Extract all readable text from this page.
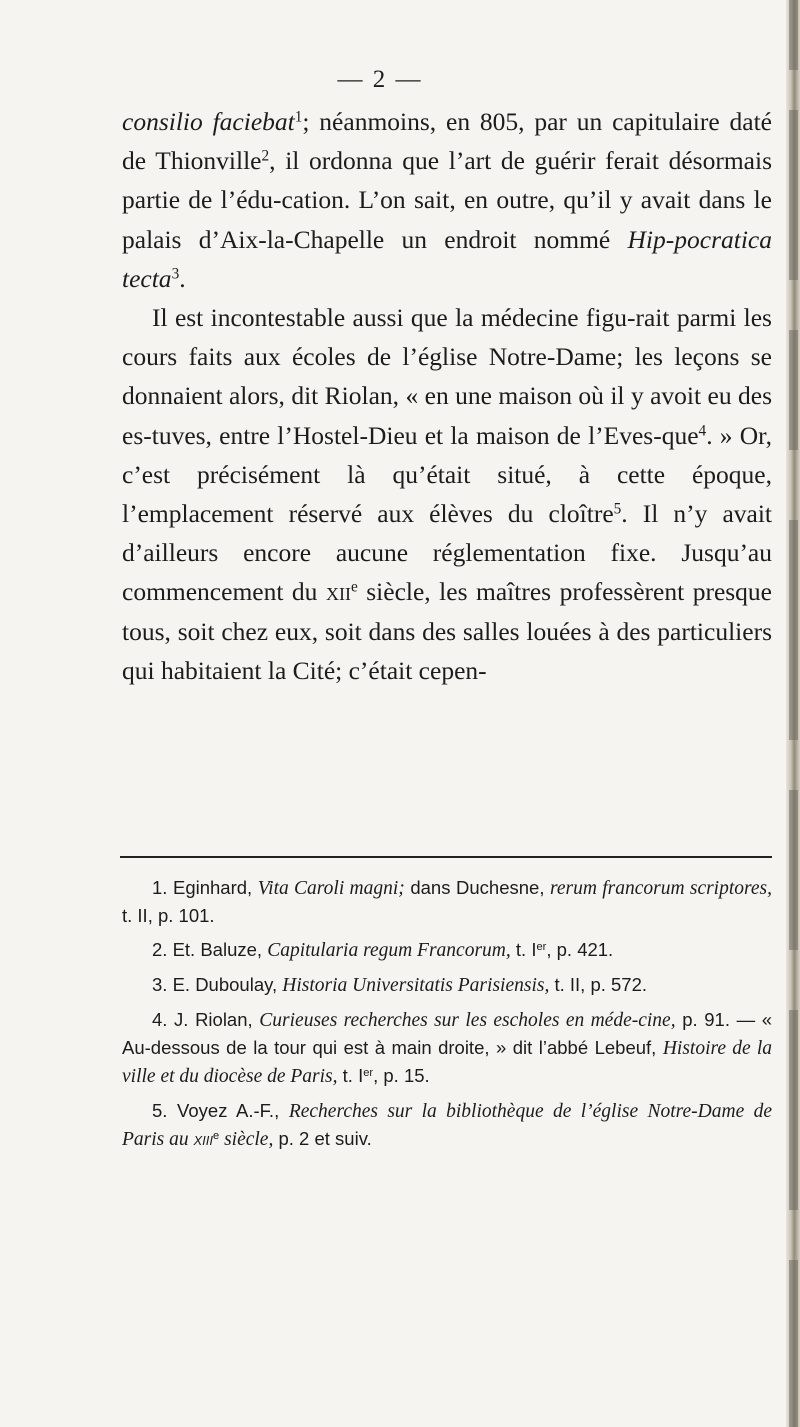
— 2 —

consilio faciebat$^1$; néanmoins, en 805, par un capitulaire daté de Thionville$^2$, il ordonna que l’art de guérir ferait désormais partie de l’édu-cation. L’on sait, en outre, qu’il y avait dans le palais d’Aix-la-Chapelle un endroit nommé Hip-pocratica tecta$^3$.

Il est incontestable aussi que la médecine figu-rait parmi les cours faits aux écoles de l’église Notre-Dame; les leçons se donnaient alors, dit Riolan, « en une maison où il y avoit eu des es-tuves, entre l’Hostel-Dieu et la maison de l’Eves-que$^4$. » Or, c’est précisément là qu’était situé, à cette époque, l’emplacement réservé aux élèves du cloître$^5$. Il n’y avait d’ailleurs encore aucune réglementation fixe. Jusqu’au commencement du xii$^e$ siècle, les maîtres professèrent presque tous, soit chez eux, soit dans des salles louées à des particuliers qui habitaient la Cité; c’était cepen-

1. Eginhard, Vita Caroli magni; dans Duchesne, rerum francorum scriptores, t. II, p. 101.

2. Et. Baluze, Capitularia regum Francorum, t. Ier, p. 421.

3. E. Duboulay, Historia Universitatis Parisiensis, t. II, p. 572.

4. J. Riolan, Curieuses recherches sur les escholes en méde-cine, p. 91. — « Au-dessous de la tour qui est à main droite, » dit l’abbé Lebeuf, Histoire de la ville et du diocèse de Paris, t. Ier, p. 15.

5. Voyez A.-F., Recherches sur la bibliothèque de l’église Notre-Dame de Paris au xiii$^e$ siècle, p. 2 et suiv.
